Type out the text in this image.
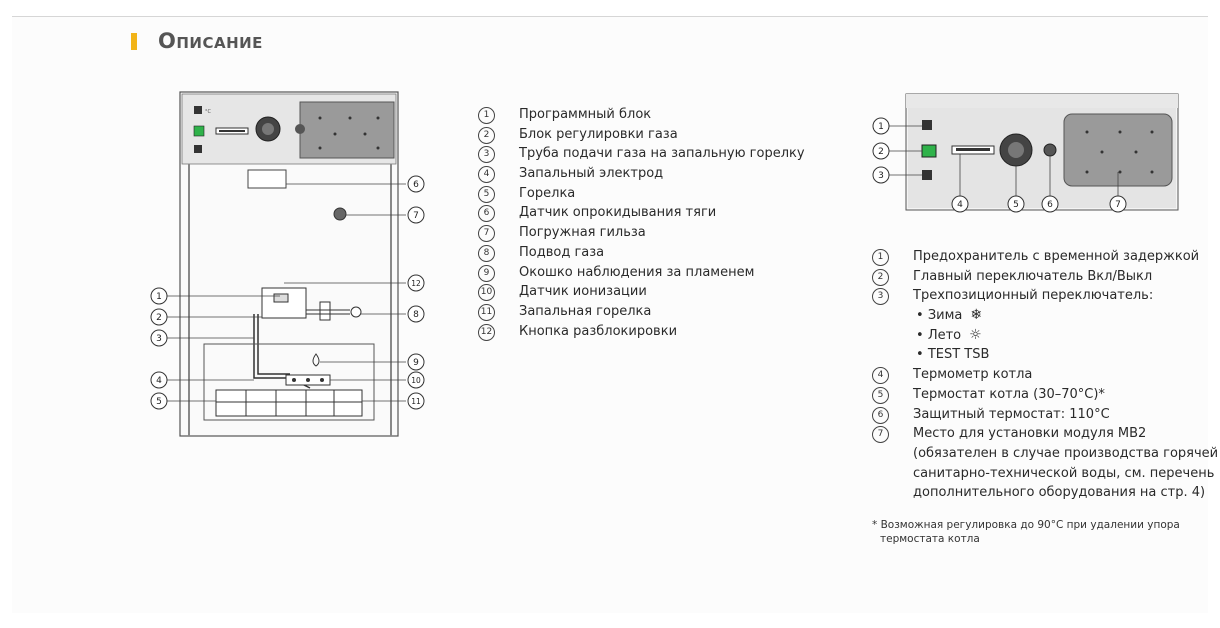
Описание
°C
1
2
3
4
5
6
7
8
9
10
11
12
1	Программный блок
2	Блок регулировки газа
3	Труба подачи газа на запальную горелку
4	Запальный электрод
5	Горелка
6	Датчик опрокидывания тяги
7	Погружная гильза
8	Подвод газа
9	Окошко наблюдения за пламенем
10 Датчик ионизации
11 Запальная горелка
12 Кнопка разблокировки
1
2
3
4	5	6	7
1	Предохранитель с временной задержкой
2	Главный переключатель Вкл/Выкл
3	Трехпозиционный переключатель:
• Зима ❄
• Лето ☼
• TEST TSB
4	Термометр котла
5	Термостат котла (30–70°C)*
6	Защитный термостат: 110°C
7	Место для установки модуля MB2
(обязателен в случае производства горячей
санитарно-технической воды, см. перечень
дополнительного оборудования на стр. 4)
* Возможная регулировка до 90°C при удалении упора
термостата котла
